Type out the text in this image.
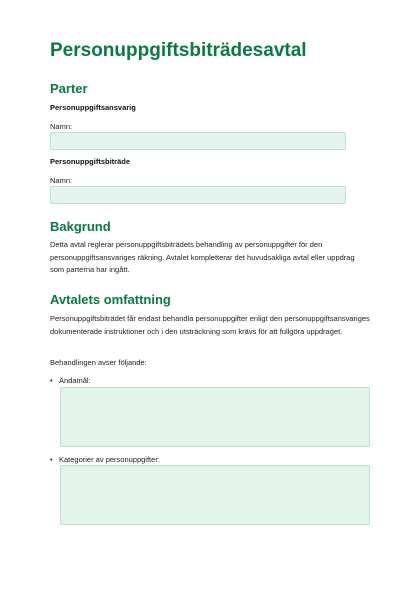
Personuppgiftsbiträdesavtal
Parter
Personuppgiftsansvarig
Namn:
Personuppgiftsbiträde
Namn:
Bakgrund

Detta avtal reglerar personuppgiftsbiträdets behandling av personuppgifter för den personuppgiftsansvariges räkning. Avtalet kompletterar det huvudsakliga avtal eller uppdrag som parterna har ingått.

Avtalets omfattning

Personuppgiftsbiträdet får endast behandla personuppgifter enligt den personuppgiftsansvariges dokumenterade instruktioner och i den utsträckning som krävs för att fullgöra uppdraget.

Behandlingen avser följande:
• Ändamål:
• Kategorier av personuppgifter:
